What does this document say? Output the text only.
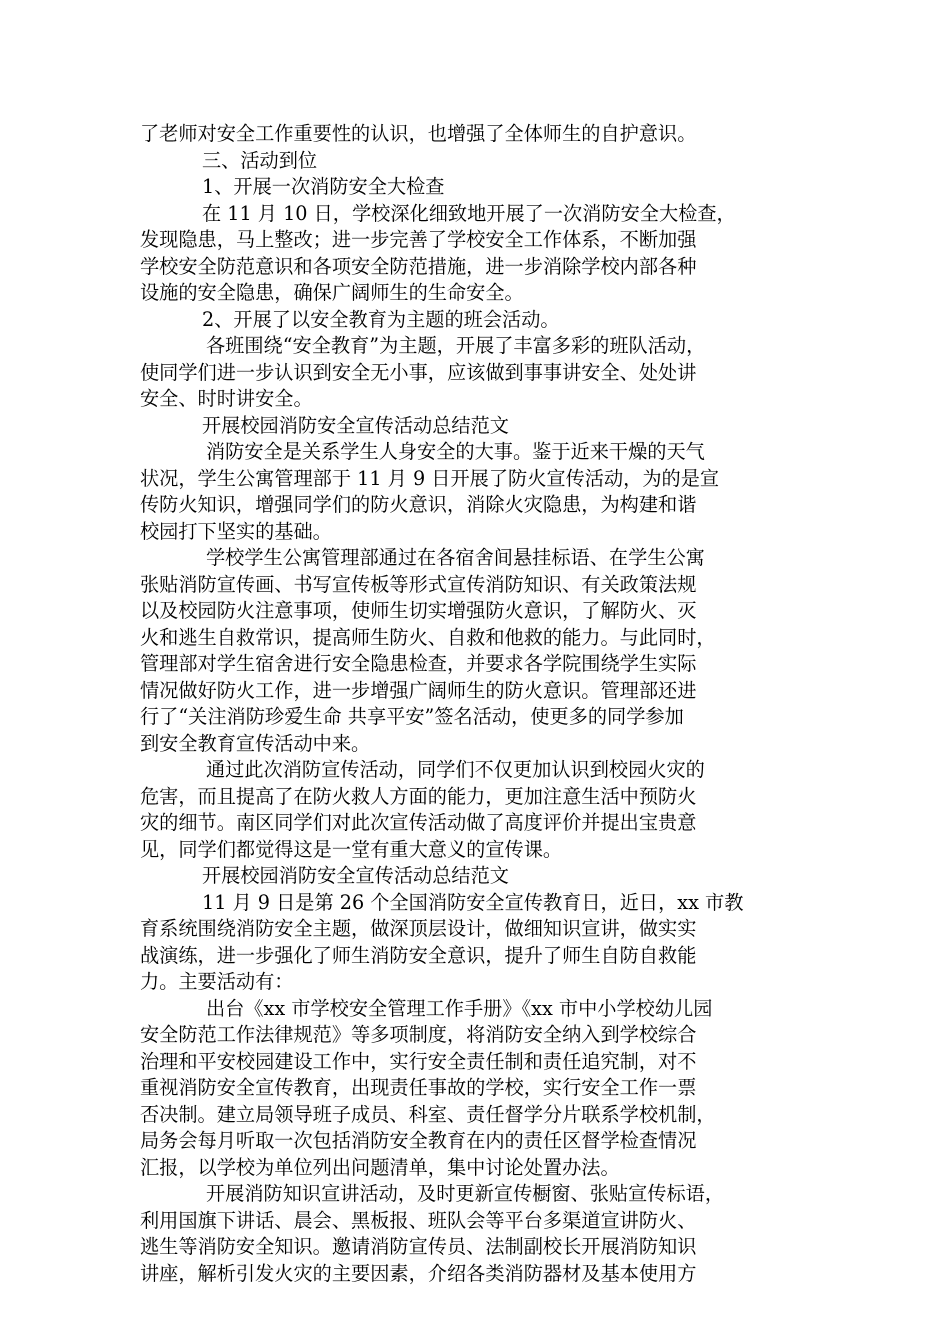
了老师对安全工作重要性的认识，也增强了全体师生的自护意识。
三、活动到位
1、开展一次消防安全大检查
在 11 月 10 日，学校深化细致地开展了一次消防安全大检查，
发现隐患，马上整改；进一步完善了学校安全工作体系，不断加强
学校安全防范意识和各项安全防范措施，进一步消除学校内部各种
设施的安全隐患，确保广阔师生的生命安全。
2、开展了以安全教育为主题的班会活动。
各班围绕“安全教育”为主题，开展了丰富多彩的班队活动，
使同学们进一步认识到安全无小事，应该做到事事讲安全、处处讲
安全、时时讲安全。
开展校园消防安全宣传活动总结范文
消防安全是关系学生人身安全的大事。鉴于近来干燥的天气
状况，学生公寓管理部于 11 月 9 日开展了防火宣传活动，为的是宣
传防火知识，增强同学们的防火意识，消除火灾隐患，为构建和谐
校园打下坚实的基础。
学校学生公寓管理部通过在各宿舍间悬挂标语、在学生公寓
张贴消防宣传画、书写宣传板等形式宣传消防知识、有关政策法规
以及校园防火注意事项，使师生切实增强防火意识，了解防火、灭
火和逃生自救常识，提高师生防火、自救和他救的能力。与此同时，
管理部对学生宿舍进行安全隐患检查，并要求各学院围绕学生实际
情况做好防火工作，进一步增强广阔师生的防火意识。管理部还进
行了“关注消防珍爱生命 共享平安”签名活动，使更多的同学参加
到安全教育宣传活动中来。
通过此次消防宣传活动，同学们不仅更加认识到校园火灾的
危害，而且提高了在防火救人方面的能力，更加注意生活中预防火
灾的细节。南区同学们对此次宣传活动做了高度评价并提出宝贵意
见，同学们都觉得这是一堂有重大意义的宣传课。
开展校园消防安全宣传活动总结范文
11 月 9 日是第 26 个全国消防安全宣传教育日，近日，xx 市教
育系统围绕消防安全主题，做深顶层设计，做细知识宣讲，做实实
战演练，进一步强化了师生消防安全意识，提升了师生自防自救能
力。主要活动有：
出台《xx 市学校安全管理工作手册》《xx 市中小学校幼儿园
安全防范工作法律规范》等多项制度，将消防安全纳入到学校综合
治理和平安校园建设工作中，实行安全责任制和责任追究制，对不
重视消防安全宣传教育，出现责任事故的学校，实行安全工作一票
否决制。建立局领导班子成员、科室、责任督学分片联系学校机制，
局务会每月听取一次包括消防安全教育在内的责任区督学检查情况
汇报，以学校为单位列出问题清单，集中讨论处置办法。
开展消防知识宣讲活动，及时更新宣传橱窗、张贴宣传标语，
利用国旗下讲话、晨会、黑板报、班队会等平台多渠道宣讲防火、
逃生等消防安全知识。邀请消防宣传员、法制副校长开展消防知识
讲座，解析引发火灾的主要因素，介绍各类消防器材及基本使用方
